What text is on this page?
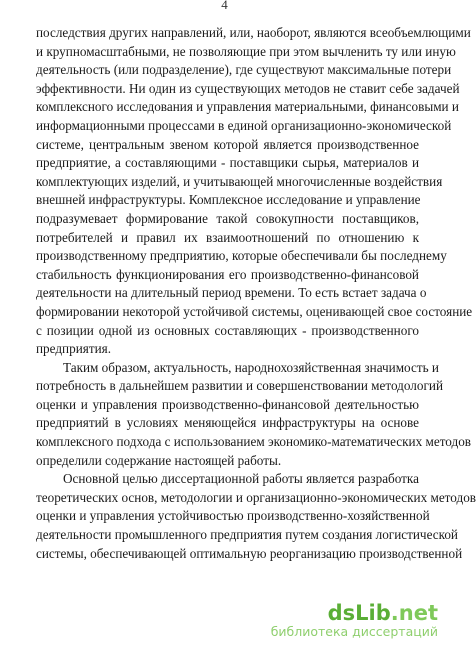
4
последствия других направлений, или, наоборот, являются всеобъемлющими
и крупномасштабными, не позволяющие при этом вычленить ту или иную
деятельность (или подразделение), где существуют максимальные потери
эффективности. Ни один из существующих методов не ставит себе задачей
комплексного исследования и управления материальными, финансовыми и
информационными процессами в единой организационно-экономической
системе, центральным звеном которой является производственное
предприятие, а составляющими - поставщики сырья, материалов и
комплектующих изделий, и учитывающей многочисленные воздействия
внешней инфраструктуры. Комплексное исследование и управление
подразумевает формирование такой совокупности поставщиков,
потребителей и правил их взаимоотношений по отношению к
производственному предприятию, которые обеспечивали бы последнему
стабильность функционирования его производственно-финансовой
деятельности на длительный период времени. То есть встает задача о
формировании некоторой устойчивой системы, оценивающей свое состояние
с позиции одной из основных составляющих - производственного
предприятия.
Таким образом, актуальность, народнохозяйственная значимость и
потребность в дальнейшем развитии и совершенствовании методологий
оценки и управления производственно-финансовой деятельностью
предприятий в условиях меняющейся инфраструктуры на основе
комплексного подхода с использованием экономико-математических методов
определили содержание настоящей работы.
Основной целью диссертационной работы является разработка
теоретических основ, методологии и организационно-экономических методов
оценки и управления устойчивостью производственно-хозяйственной
деятельности промышленного предприятия путем создания логистической
системы, обеспечивающей оптимальную реорганизацию производственной
dsLib.net
библиотека диссертаций
